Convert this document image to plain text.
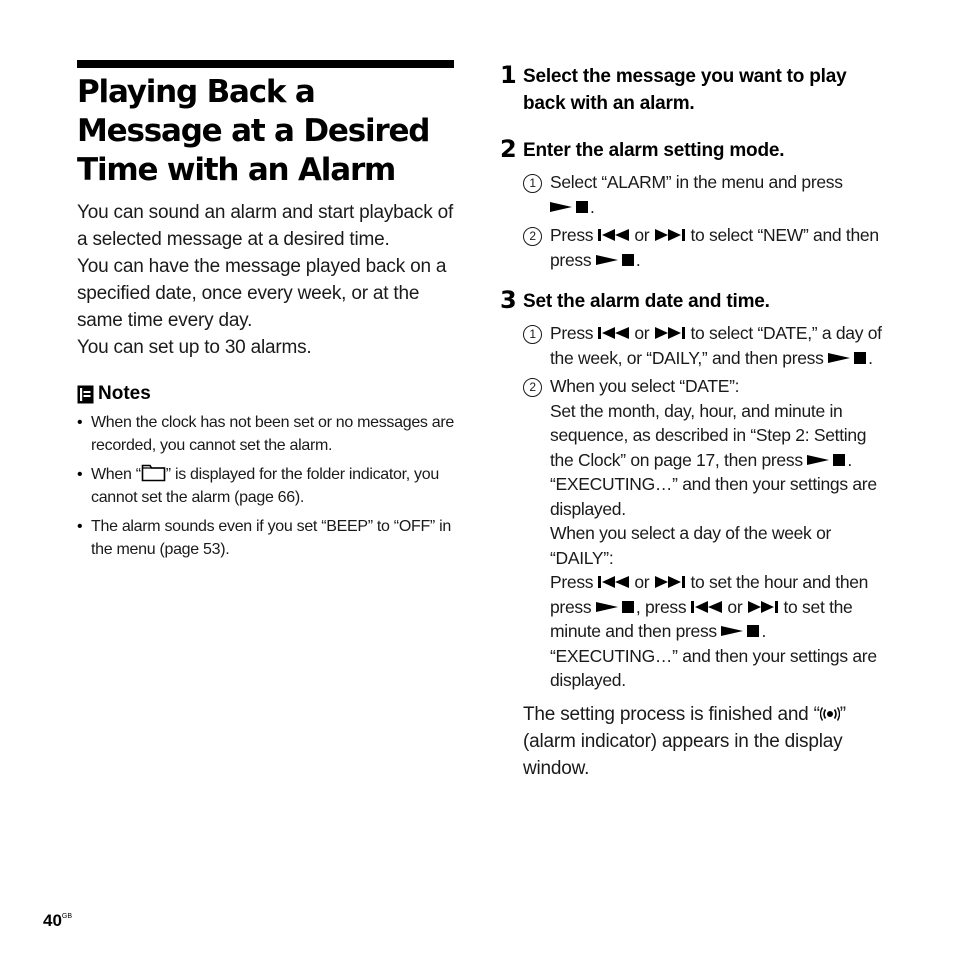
Playing Back a Message at a Desired Time with an Alarm

You can sound an alarm and start playback of a selected message at a desired time.

You can have the message played back on a specified date, once every week, or at the same time every day.

You can set up to 30 alarms.

Notes
• When the clock has not been set or no messages are recorded, you cannot set the alarm.
• When “ ” is displayed for the folder indicator, you cannot set the alarm (page 66).
• The alarm sounds even if you set “BEEP” to “OFF” in the menu (page 53).
1 Select the message you want to play back with an alarm.
2 Enter the alarm setting mode.
1 Select “ALARM” in the menu and press .
2 Press  or  to select “NEW” and then press .
3 Set the alarm date and time.
1 Press  or  to select “DATE,” a day of the week, or “DAILY,” and then press .
2 When you select “DATE”:
Set the month, day, hour, and minute in sequence, as described in “Step 2: Setting the Clock” on page 17, then press . “EXECUTING…” and then your settings are displayed.
When you select a day of the week or “DAILY”:
Press  or  to set the hour and then press , press  or  to set the minute and then press . “EXECUTING…” and then your settings are displayed.
The setting process is finished and “ ” (alarm indicator) appears in the display window.
$40^{GB}$
